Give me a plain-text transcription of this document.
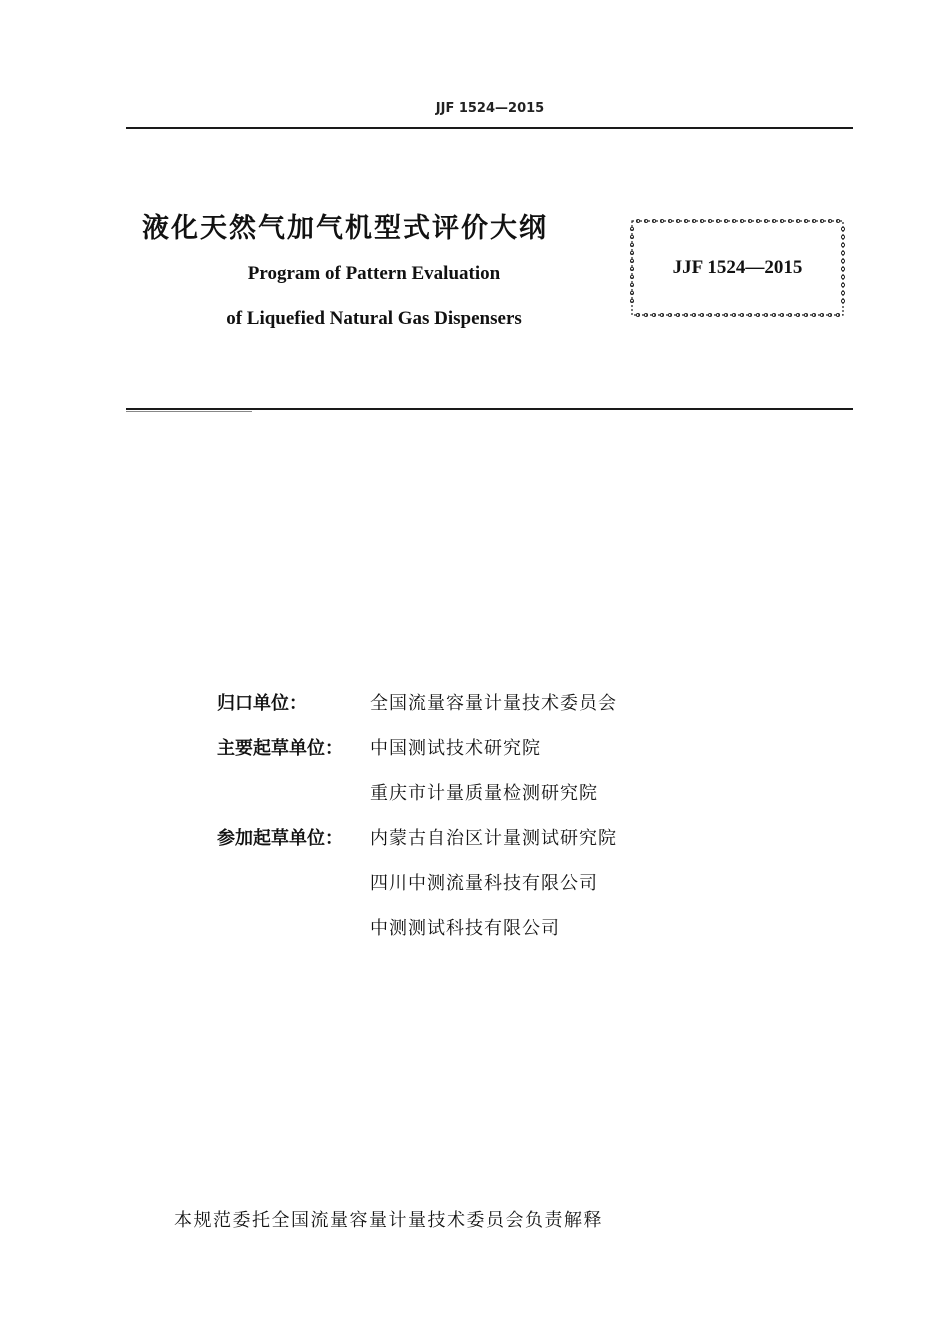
JJF 1524—2015
液化天然气加气机型式评价大纲
Program of Pattern Evaluation
of Liquefied Natural Gas Dispensers
JJF 1524—2015
归口单位：	全国流量容量计量技术委员会
主要起草单位：	中国测试技术研究院
重庆市计量质量检测研究院
参加起草单位：	内蒙古自治区计量测试研究院
四川中测流量科技有限公司
中测测试科技有限公司
本规范委托全国流量容量计量技术委员会负责解释
